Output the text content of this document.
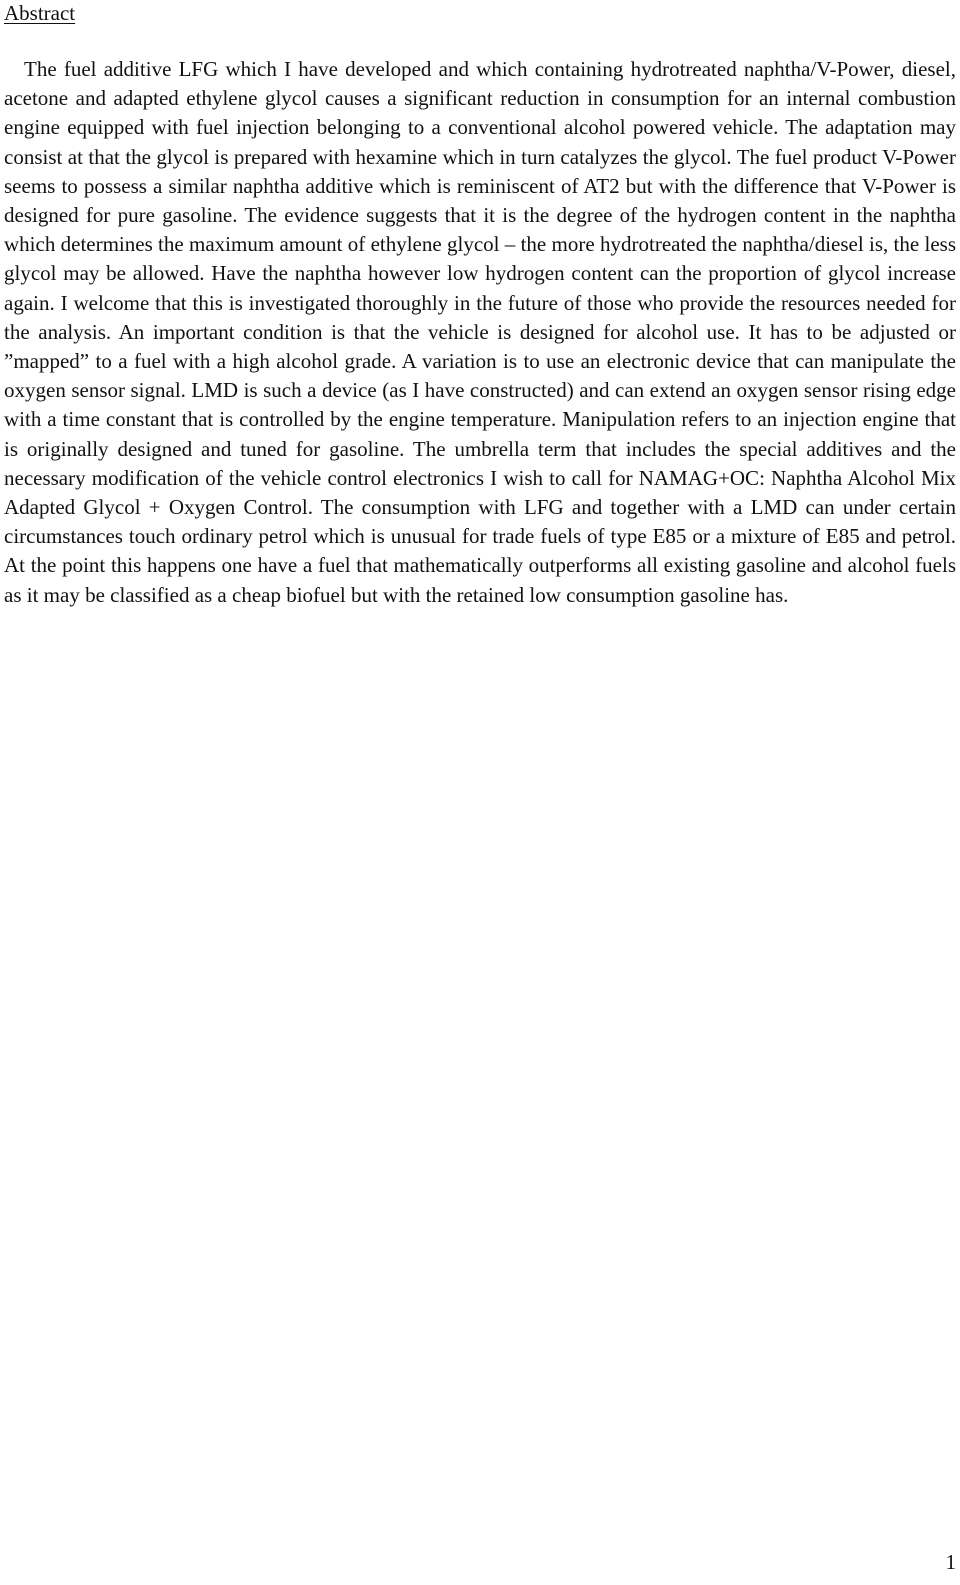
Abstract

The fuel additive LFG which I have developed and which containing hydrotreated naphtha/V-Power, diesel, acetone and adapted ethylene glycol causes a significant reduction in consumption for an internal combustion engine equipped with fuel injection belonging to a conventional alcohol powered vehicle. The adaptation may consist at that the glycol is prepared with hexamine which in turn catalyzes the glycol. The fuel product V-Power seems to possess a similar naphtha additive which is reminiscent of AT2 but with the difference that V-Power is designed for pure gasoline. The evidence suggests that it is the degree of the hydrogen content in the naphtha which determines the maximum amount of ethylene glycol – the more hydrotreated the naphtha/diesel is, the less glycol may be allowed. Have the naphtha however low hydrogen content can the proportion of glycol increase again. I welcome that this is investigated thoroughly in the future of those who provide the resources needed for the analysis. An important condition is that the vehicle is designed for alcohol use. It has to be adjusted or ”mapped” to a fuel with a high alcohol grade. A variation is to use an electronic device that can manipulate the oxygen sensor signal. LMD is such a device (as I have constructed) and can extend an oxygen sensor rising edge with a time constant that is controlled by the engine temperature. Manipulation refers to an injection engine that is originally designed and tuned for gasoline. The umbrella term that includes the special additives and the necessary modification of the vehicle control electronics I wish to call for NAMAG+OC: Naphtha Alcohol Mix Adapted Glycol + Oxygen Control. The consumption with LFG and together with a LMD can under certain circumstances touch ordinary petrol which is unusual for trade fuels of type E85 or a mixture of E85 and petrol. At the point this happens one have a fuel that mathematically outperforms all existing gasoline and alcohol fuels as it may be classified as a cheap biofuel but with the retained low consumption gasoline has.

1
